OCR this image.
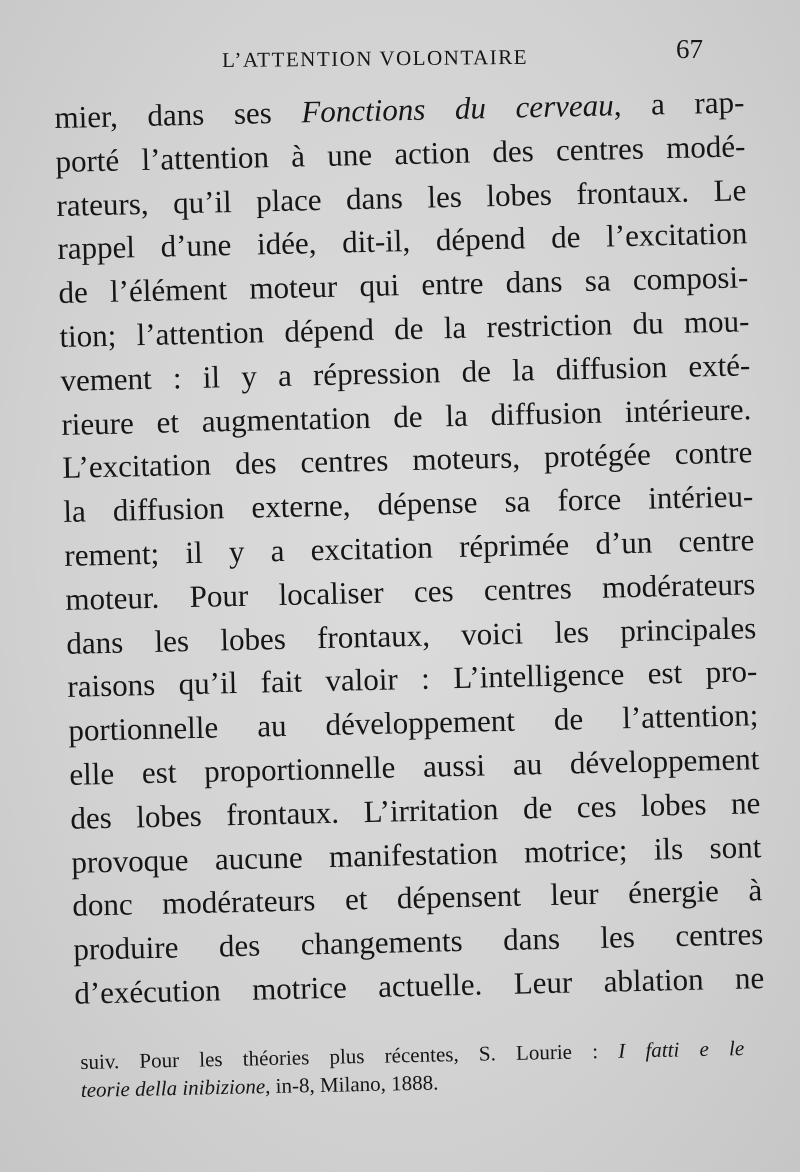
L’ATTENTION VOLONTAIRE	67
mier, dans ses Fonctions du cerveau, a rap-
porté l’attention à une action des centres modé-
rateurs, qu’il place dans les lobes frontaux. Le
rappel d’une idée, dit-il, dépend de l’excitation
de l’élément moteur qui entre dans sa composi-
tion; l’attention dépend de la restriction du mou-
vement : il y a répression de la diffusion exté-
rieure et augmentation de la diffusion intérieure.
L’excitation des centres moteurs, protégée contre
la diffusion externe, dépense sa force intérieu-
rement; il y a excitation réprimée d’un centre
moteur. Pour localiser ces centres modérateurs
dans les lobes frontaux, voici les principales
raisons qu’il fait valoir : L’intelligence est pro-
portionnelle au développement de l’attention;
elle est proportionnelle aussi au développement
des lobes frontaux. L’irritation de ces lobes ne
provoque aucune manifestation motrice; ils sont
donc modérateurs et dépensent leur énergie à
produire des changements dans les centres
d’exécution motrice actuelle. Leur ablation ne
suiv. Pour les théories plus récentes, S. Lourie : I fatti e le
teorie della inibizione, in-8, Milano, 1888.
